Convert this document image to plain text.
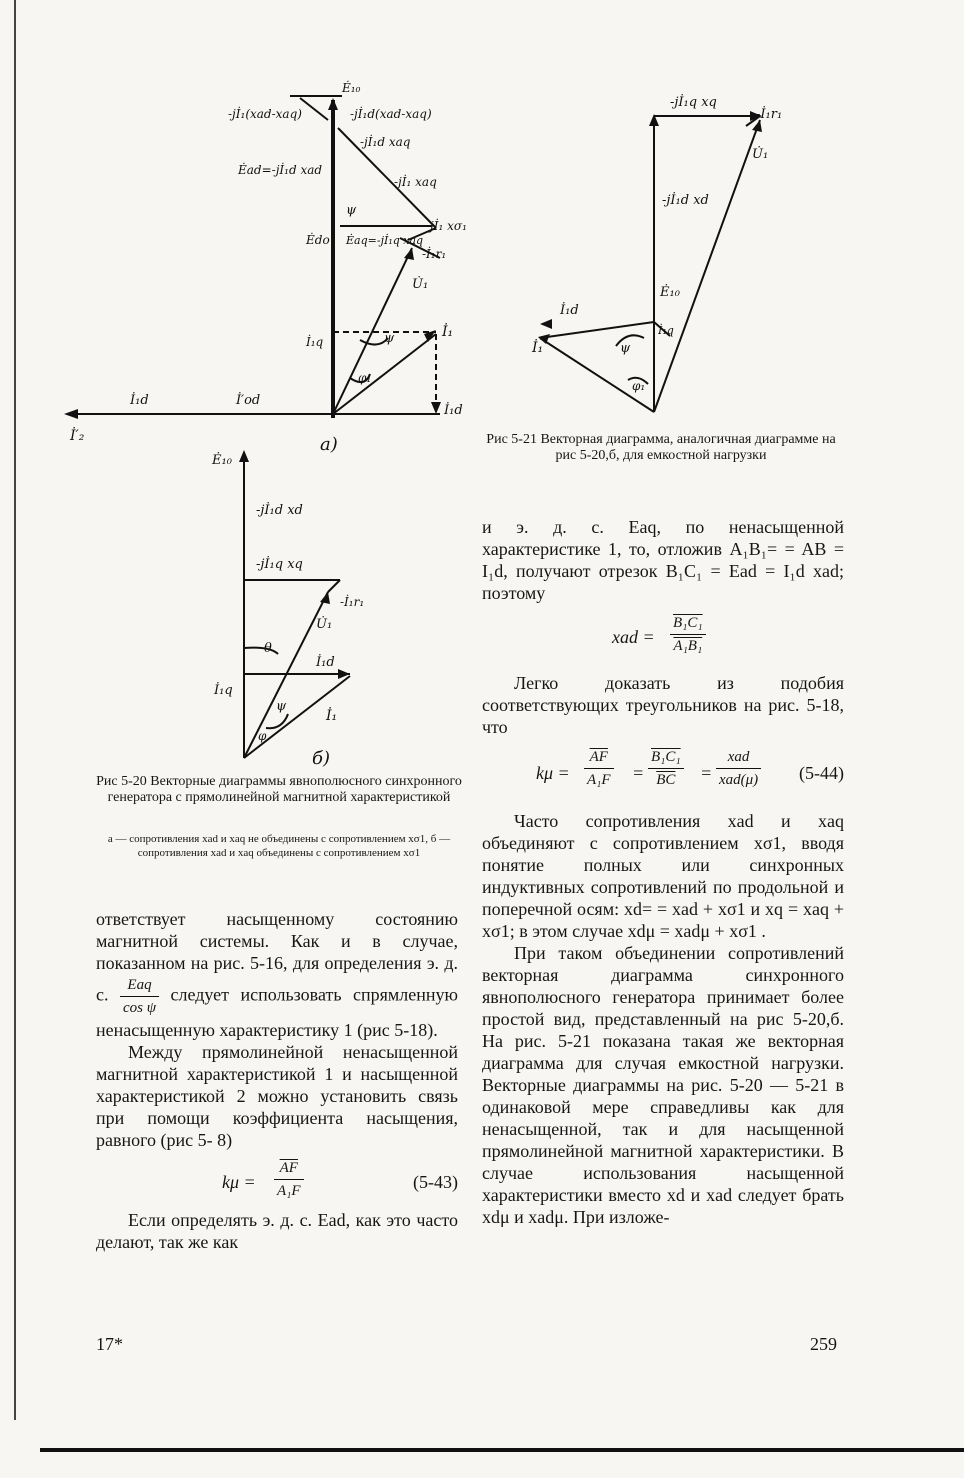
Ė₁₀
-jİ₁(xad-xaq)	-jİ₁d(xad-xaq)
-jİ₁d xaq
Ėad=-jİ₁d xad
-jİ₁ xaq
ψ
-jİ₁ xσ₁
Ėdo Ėaq=-jİ₁q xaq
-İ₁r₁
U̇₁
İ₁q	ψ
φ₁
İ₁
İ₁d	İ′od
İ₁d
İ′₂	а)
Ė₁₀
-jİ₁d xd
-jİ₁q xq
-İ₁r₁
U̇₁
θ
İ₁d
İ₁q
ψ
φ
İ₁
б)
-jİ₁q xq
-İ₁r₁
U̇₁
-jİ₁d xd
Ė₁₀
İ₁d
İ₁q
İ₁	ψ
φ₁
Рис 5-21 Векторная диаграмма, аналогичная диаграмме на рис 5-20,б, для емкостной нагрузки
Рис 5-20 Векторные диаграммы явнополюсного синхронного генератора с прямолинейной магнитной характеристикой
а — сопротивления xad и xaq не объединены с сопротивлением xσ1, б — сопротивления xad и xaq объединены с сопротивлением xσ1

ответствует насыщенному состоянию магнитной системы. Как и в случае, показанном на рис. 5-16, для определения э. д. с. $\frac{\text{Eaq}}{\text{cos ψ}}$ следует использовать спрямленную ненасыщенную характеристику 1 (рис 5-18).

Между прямолинейной ненасыщенной магнитной характеристикой 1 и насыщенной характеристикой 2 можно установить связь при помощи коэффициента насыщения, равного (рис 5- 8)

$k\mu = \frac{\overline{AF}}{\text{A₁F}}$	(5-43)

Если определять э. д. с. Ead, как это часто делают, так же как

и э. д. с. Eaq, по ненасыщенной характеристике 1, то, отложив A₁B₁= = AB = I₁d, получают отрезок B₁C₁ = Ead = I₁d xad; поэтому

xad = $\frac{\text{B₁C₁}}{\text{A₁B₁}}$

Легко доказать из подобия соответствующих треугольников на рис. 5-18, что

$k\mu = \frac{\overline{AF}}{\text{A₁F}} = \frac{\text{B₁C₁}}{BC}$ =
xad
xad(μ) (5-44)

Часто сопротивления xad и xaq объединяют с сопротивлением xσ1, вводя понятие полных или синхронных индуктивных сопротивлений по продольной и поперечной осям: xd= = xad + xσ1 и xq = xaq + xσ1; в этом случае xdμ = xadμ + xσ1 .

При таком объединении сопротивлений векторная диаграмма синхронного явнополюсного генератора принимает более простой вид, представленный на рис 5-20,б. На рис. 5-21 показана такая же векторная диаграмма для случая емкостной нагрузки. Векторные диаграммы на рис. 5-20 — 5-21 в одинаковой мере справедливы как для ненасыщенной, так и для насыщенной прямолинейной магнитной характеристики. В случае использования насыщенной характеристики вместо xd и xad следует брать xdμ и xadμ. При изложе-

17*	259
